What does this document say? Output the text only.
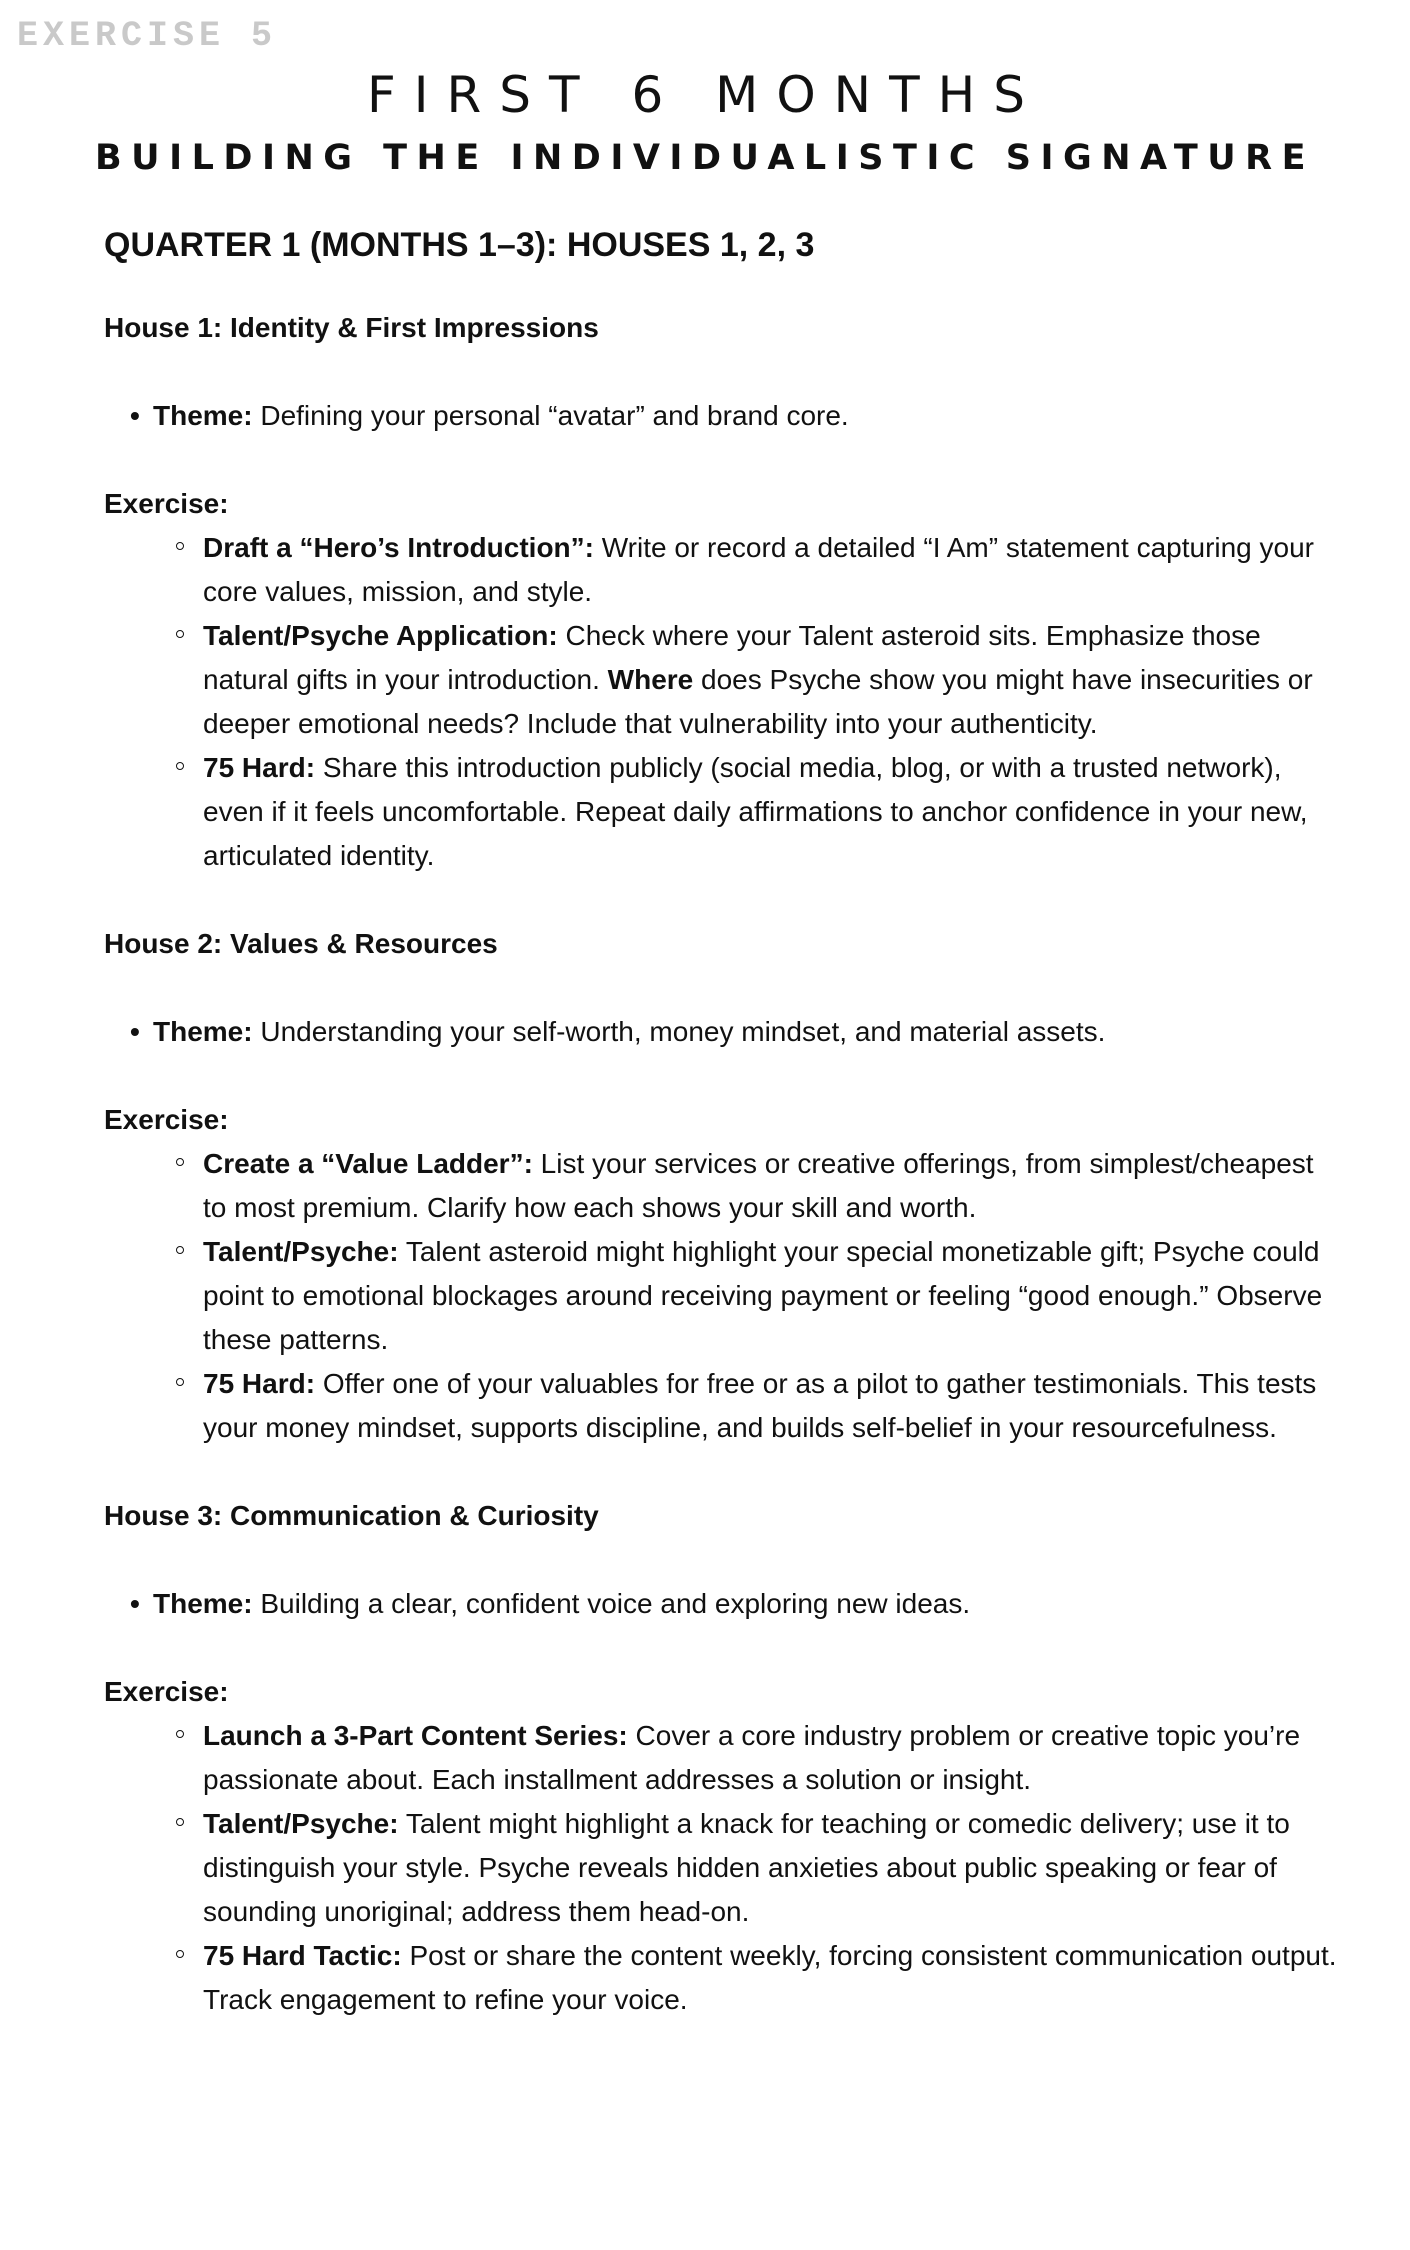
EXERCISE 5
FIRST 6 MONTHS
BUILDING THE INDIVIDUALISTIC SIGNATURE
QUARTER 1 (MONTHS 1–3): HOUSES 1, 2, 3
House 1: Identity & First Impressions
• Theme: Defining your personal “avatar” and brand core.
Exercise:
Draft a “Hero’s Introduction”: Write or record a detailed “I Am” statement capturing your core values, mission, and style.
Talent/Psyche Application: Check where your Talent asteroid sits. Emphasize those natural gifts in your introduction. Where does Psyche show you might have insecurities or deeper emotional needs? Include that vulnerability into your authenticity.
75 Hard: Share this introduction publicly (social media, blog, or with a trusted network), even if it feels uncomfortable. Repeat daily affirmations to anchor confidence in your new, articulated identity.
House 2: Values & Resources
• Theme: Understanding your self-worth, money mindset, and material assets.
Exercise:
Create a “Value Ladder”: List your services or creative offerings, from simplest/cheapest to most premium. Clarify how each shows your skill and worth.
Talent/Psyche: Talent asteroid might highlight your special monetizable gift; Psyche could point to emotional blockages around receiving payment or feeling “good enough.” Observe these patterns.
75 Hard: Offer one of your valuables for free or as a pilot to gather testimonials. This tests your money mindset, supports discipline, and builds self-belief in your resourcefulness.
House 3: Communication & Curiosity
• Theme: Building a clear, confident voice and exploring new ideas.
Exercise:
Launch a 3-Part Content Series: Cover a core industry problem or creative topic you’re passionate about. Each installment addresses a solution or insight.
Talent/Psyche: Talent might highlight a knack for teaching or comedic delivery; use it to distinguish your style. Psyche reveals hidden anxieties about public speaking or fear of sounding unoriginal; address them head-on.
75 Hard Tactic: Post or share the content weekly, forcing consistent communication output. Track engagement to refine your voice.
